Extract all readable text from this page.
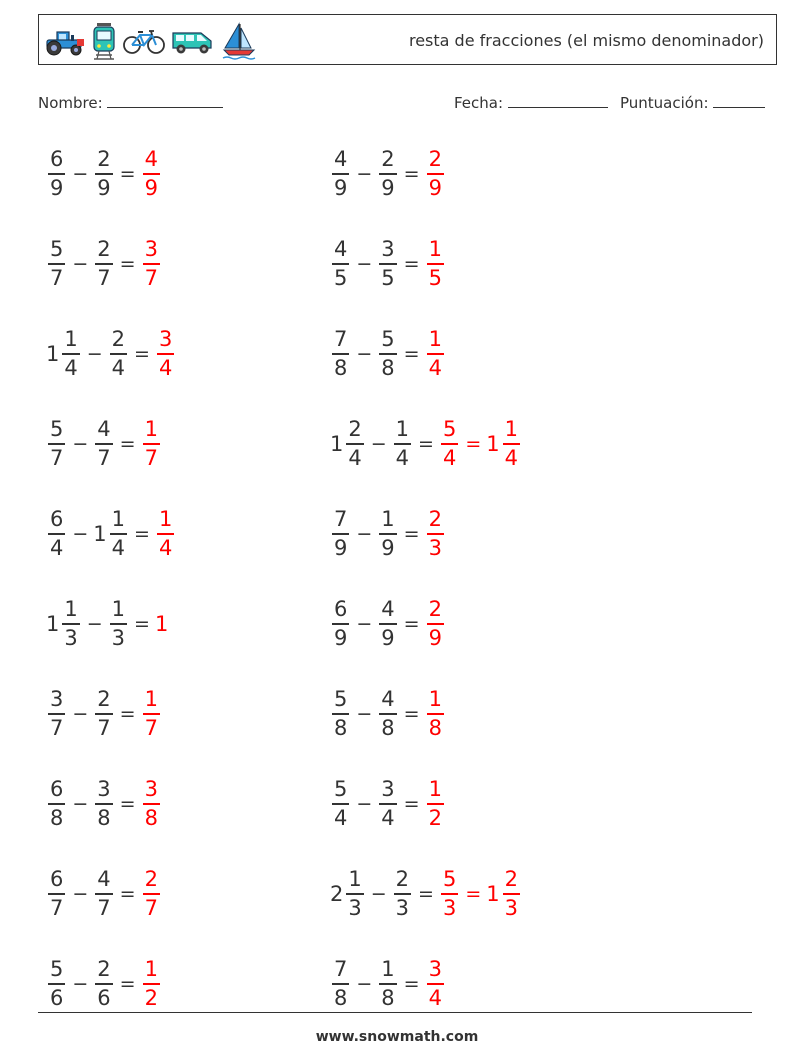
resta de fracciones (el mismo denominador)
Nombre:	Fecha:	Puntuación:
$\frac{6}{9} - \frac{2}{9} = \frac{4}{9}$	$\frac{4}{9} - \frac{2}{9} = \frac{2}{9}$
$\frac{5}{7} - \frac{2}{7} = \frac{3}{7}$	$\frac{4}{5} - \frac{3}{5} = \frac{1}{5}$
$1 \frac{1}{4} - \frac{2}{4} = \frac{3}{4}$	$\frac{7}{8} - \frac{5}{8} = \frac{1}{4}$
$\frac{5}{7} - \frac{4}{7} = \frac{1}{7}$	$1 \frac{2}{4} - \frac{1}{4} = \frac{5}{4} = 1 \frac{1}{4}$
$\frac{6}{4} - 1 \frac{1}{4} = \frac{1}{4}$	$\frac{7}{9} - \frac{1}{9} = \frac{2}{3}$
$1 \frac{1}{3} - \frac{1}{3} = 1$	$\frac{6}{9} - \frac{4}{9} = \frac{2}{9}$
$\frac{3}{7} - \frac{2}{7} = \frac{1}{7}$	$\frac{5}{8} - \frac{4}{8} = \frac{1}{8}$
$\frac{6}{8} - \frac{3}{8} = \frac{3}{8}$	$\frac{5}{4} - \frac{3}{4} = \frac{1}{2}$
$\frac{6}{7} - \frac{4}{7} = \frac{2}{7}$	$2 \frac{1}{3} - \frac{2}{3} = \frac{5}{3} = 1 \frac{2}{3}$
$\frac{5}{6} - \frac{2}{6} = \frac{1}{2}$	$\frac{7}{8} - \frac{1}{8} = \frac{3}{4}$
www.snowmath.com
